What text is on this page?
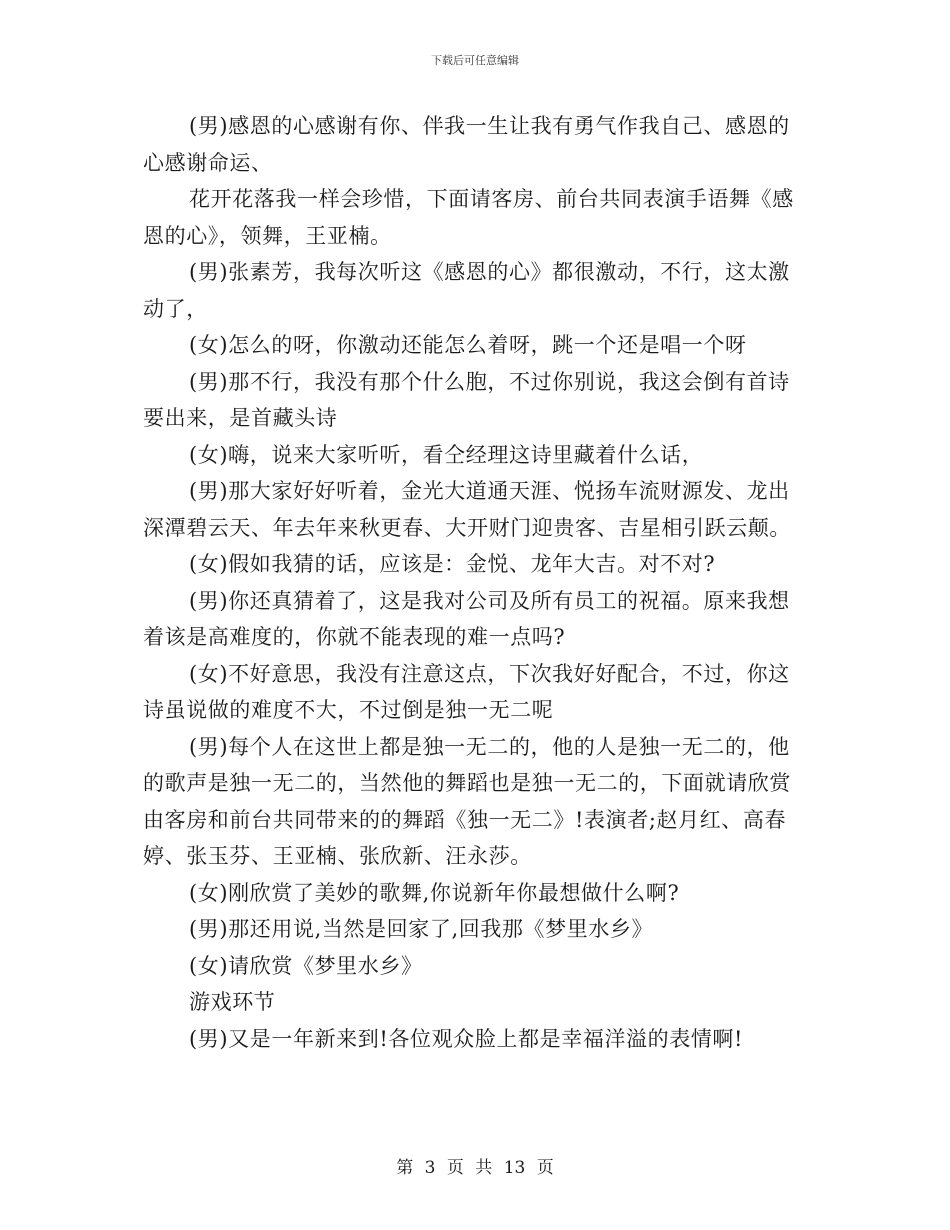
下载后可任意编辑

(男)感恩的心感谢有你、伴我一生让我有勇气作我自己、感恩的心感谢命运、

花开花落我一样会珍惜，下面请客房、前台共同表演手语舞《感恩的心》，领舞，王亚楠。

(男)张素芳，我每次听这《感恩的心》都很激动，不行，这太激动了，

(女)怎么的呀，你激动还能怎么着呀，跳一个还是唱一个呀

(男)那不行，我没有那个什么胞，不过你别说，我这会倒有首诗要出来，是首藏头诗

(女)嗨，说来大家听听，看仝经理这诗里藏着什么话，

(男)那大家好好听着，金光大道通天涯、悦扬车流财源发、龙出深潭碧云天、年去年来秋更春、大开财门迎贵客、吉星相引跃云颠。

(女)假如我猜的话，应该是：金悦、龙年大吉。对不对?

(男)你还真猜着了，这是我对公司及所有员工的祝福。原来我想着该是高难度的，你就不能表现的难一点吗?

(女)不好意思，我没有注意这点，下次我好好配合，不过，你这诗虽说做的难度不大，不过倒是独一无二呢

(男)每个人在这世上都是独一无二的，他的人是独一无二的，他的歌声是独一无二的，当然他的舞蹈也是独一无二的，下面就请欣赏由客房和前台共同带来的的舞蹈《独一无二》!表演者;赵月红、高春婷、张玉芬、王亚楠、张欣新、汪永莎。

(女)刚欣赏了美妙的歌舞,你说新年你最想做什么啊?

(男)那还用说,当然是回家了,回我那《梦里水乡》

(女)请欣赏《梦里水乡》

游戏环节

(男)又是一年新来到!各位观众脸上都是幸福洋溢的表情啊!

第 3 页 共 13 页
